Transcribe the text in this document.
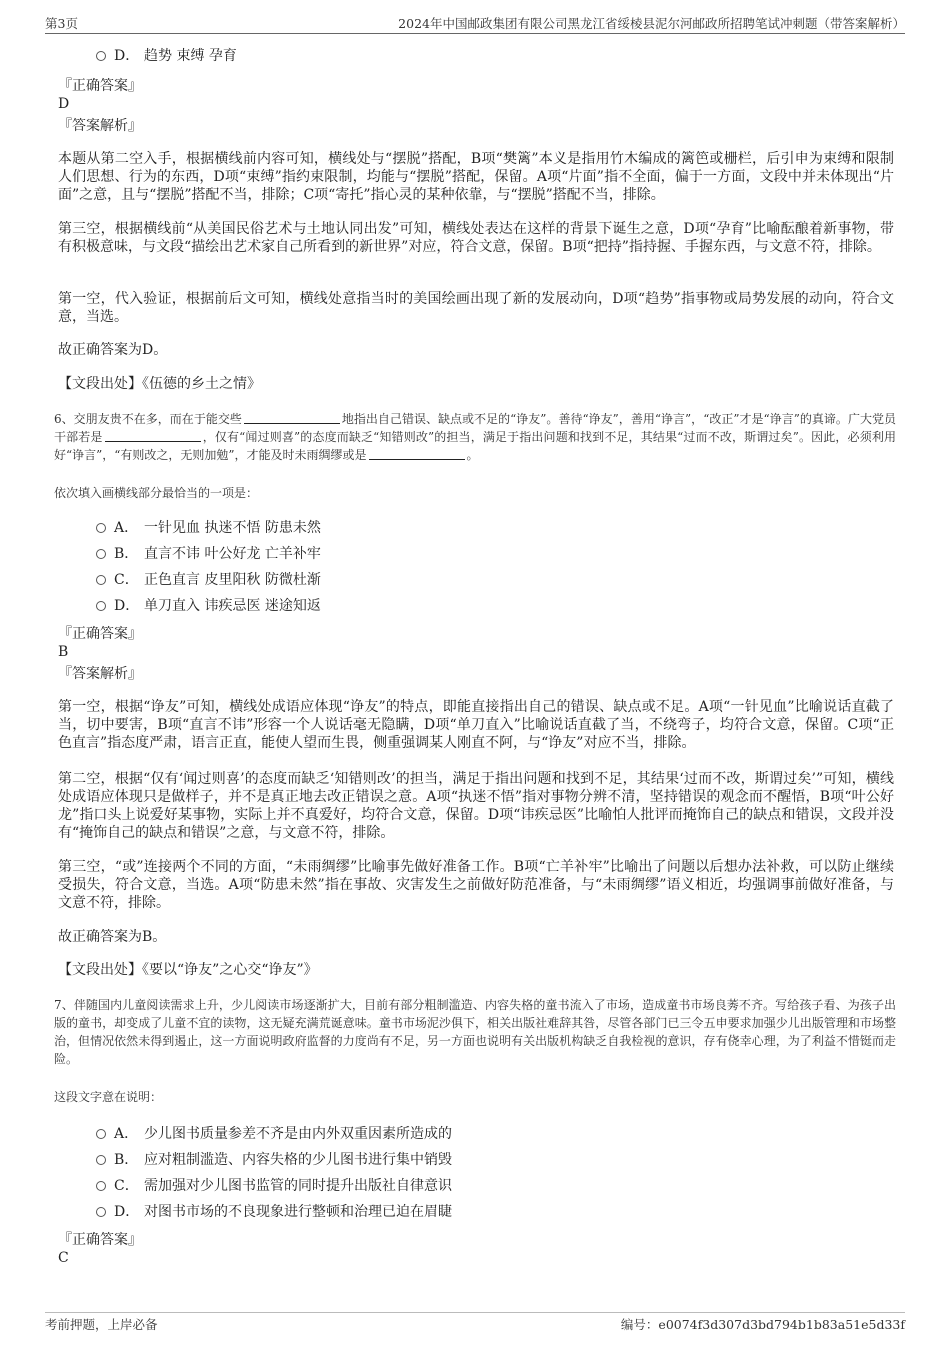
第3页	2024年中国邮政集团有限公司黑龙江省绥棱县泥尔河邮政所招聘笔试冲刺题（带答案解析）
D． 趋势 束缚 孕育
『正确答案』
D
『答案解析』
本题从第二空入手，根据横线前内容可知，横线处与“摆脱”搭配，B项“樊篱”本义是指用竹木编成的篱笆或栅栏，后引申为束缚和限制人们思想、行为的东西，D项“束缚”指约束限制，均能与“摆脱”搭配，保留。A项“片面”指不全面，偏于一方面，文段中并未体现出“片面”之意，且与“摆脱”搭配不当，排除；C项“寄托”指心灵的某种依靠，与“摆脱”搭配不当，排除。
第三空，根据横线前“从美国民俗艺术与土地认同出发”可知，横线处表达在这样的背景下诞生之意，D项“孕育”比喻酝酿着新事物，带有积极意味，与文段“描绘出艺术家自己所看到的新世界”对应，符合文意，保留。B项“把持”指持握、手握东西，与文意不符，排除。
第一空，代入验证，根据前后文可知，横线处意指当时的美国绘画出现了新的发展动向，D项“趋势”指事物或局势发展的动向，符合文意，当选。
故正确答案为D。
【文段出处】《伍德的乡土之情》
6、交朋友贵不在多，而在于能交些	地指出自己错误、缺点或不足的“诤友”。善待“诤友”，善用“诤言”，“改正”才是“诤言”的真谛。广大党员干部若是	，仅有“闻过则喜”的态度而缺乏“知错则改”的担当，满足于指出问题和找到不足，其结果“过而不改，斯谓过矣”。因此，必须利用好“诤言”，“有则改之，无则加勉”，才能及时未雨绸缪或是	。
依次填入画横线部分最恰当的一项是：
A． 一针见血 执迷不悟 防患未然
B． 直言不讳 叶公好龙 亡羊补牢
C． 正色直言 皮里阳秋 防微杜渐
D． 单刀直入 讳疾忌医 迷途知返
『正确答案』
B
『答案解析』
第一空，根据“诤友”可知，横线处成语应体现“诤友”的特点，即能直接指出自己的错误、缺点或不足。A项“一针见血”比喻说话直截了当，切中要害，B项“直言不讳”形容一个人说话毫无隐瞒，D项“单刀直入”比喻说话直截了当，不绕弯子，均符合文意，保留。C项“正色直言”指态度严肃，语言正直，能使人望而生畏，侧重强调某人刚直不阿，与“诤友”对应不当，排除。
第二空，根据“仅有‘闻过则喜’的态度而缺乏‘知错则改’的担当，满足于指出问题和找到不足，其结果‘过而不改，斯谓过矣’”可知，横线处成语应体现只是做样子，并不是真正地去改正错误之意。A项“执迷不悟”指对事物分辨不清，坚持错误的观念而不醒悟，B项“叶公好龙”指口头上说爱好某事物，实际上并不真爱好，均符合文意，保留。D项“讳疾忌医”比喻怕人批评而掩饰自己的缺点和错误，文段并没有“掩饰自己的缺点和错误”之意，与文意不符，排除。
第三空，“或”连接两个不同的方面，“未雨绸缪”比喻事先做好准备工作。B项“亡羊补牢”比喻出了问题以后想办法补救，可以防止继续受损失，符合文意，当选。A项“防患未然”指在事故、灾害发生之前做好防范准备，与“未雨绸缪”语义相近，均强调事前做好准备，与文意不符，排除。
故正确答案为B。
【文段出处】《要以“诤友”之心交“诤友”》
7、伴随国内儿童阅读需求上升，少儿阅读市场逐渐扩大，目前有部分粗制滥造、内容失格的童书流入了市场，造成童书市场良莠不齐。写给孩子看、为孩子出版的童书，却变成了儿童不宜的读物，这无疑充满荒诞意味。童书市场泥沙俱下，相关出版社难辞其咎，尽管各部门已三令五申要求加强少儿出版管理和市场整治，但情况依然未得到遏止，这一方面说明政府监督的力度尚有不足，另一方面也说明有关出版机构缺乏自我检视的意识，存有侥幸心理，为了利益不惜铤而走险。
这段文字意在说明：
A． 少儿图书质量参差不齐是由内外双重因素所造成的
B． 应对粗制滥造、内容失格的少儿图书进行集中销毁
C． 需加强对少儿图书监管的同时提升出版社自律意识
D． 对图书市场的不良现象进行整顿和治理已迫在眉睫
『正确答案』
C
考前押题，上岸必备	编号：e0074f3d307d3bd794b1b83a51e5d33f
